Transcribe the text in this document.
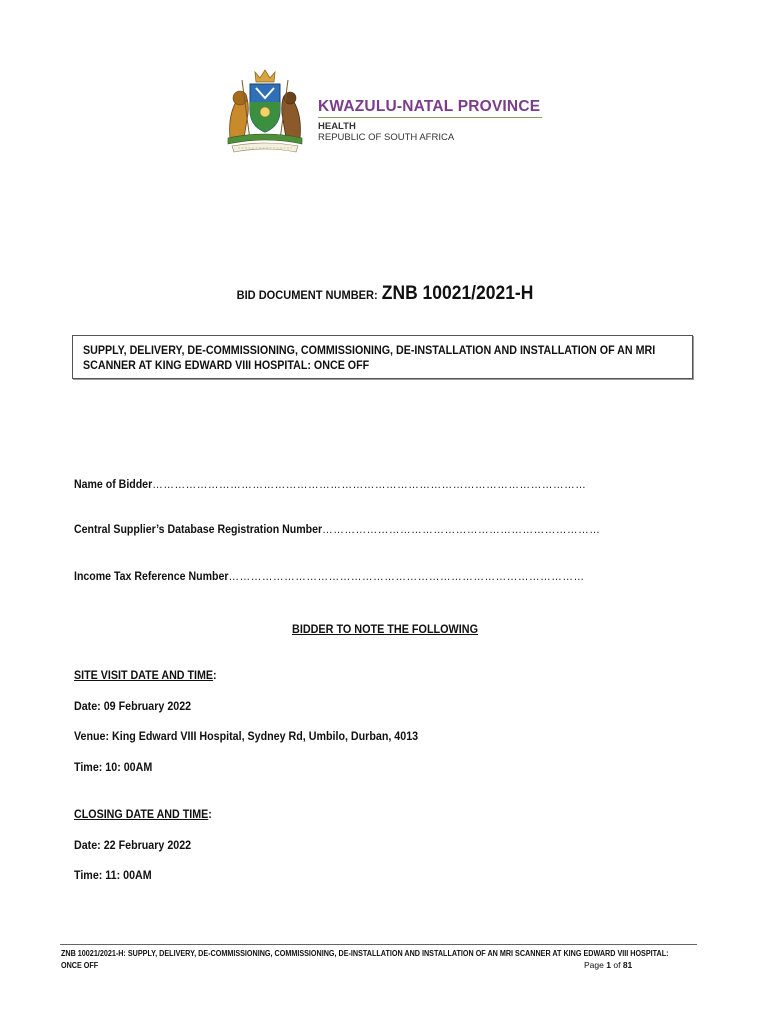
KWAZULU-NATAL PROVINCE
HEALTH
REPUBLIC OF SOUTH AFRICA
BID DOCUMENT NUMBER: ZNB 10021/2021-H
SUPPLY, DELIVERY, DE-COMMISSIONING, COMMISSIONING, DE-INSTALLATION AND INSTALLATION OF AN MRI SCANNER AT KING EDWARD VIII HOSPITAL: ONCE OFF
Name of Bidder………………………………………………………………………………………………………
Central Supplier’s Database Registration Number…………………………………………………………………
Income Tax Reference Number……………………………………………………………………………………
BIDDER TO NOTE THE FOLLOWING
SITE VISIT DATE AND TIME:
Date: 09 February 2022
Venue: King Edward VIII Hospital, Sydney Rd, Umbilo, Durban, 4013
Time: 10: 00AM
CLOSING DATE AND TIME:
Date: 22 February 2022
Time: 11: 00AM
ZNB 10021/2021-H: SUPPLY, DELIVERY, DE-COMMISSIONING, COMMISSIONING, DE-INSTALLATION AND INSTALLATION OF AN MRI SCANNER AT KING EDWARD VIII HOSPITAL: ONCE OFF	Page 1 of 81
